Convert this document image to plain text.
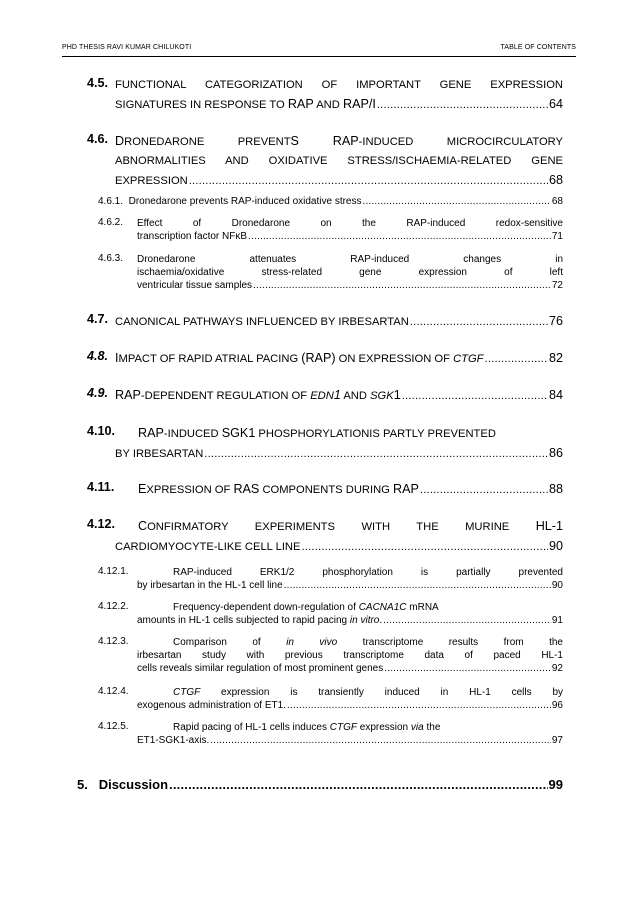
PHD THESIS RAVI KUMAR CHILUKOTI	TABLE OF CONTENTS
4.5. FUNCTIONAL CATEGORIZATION OF IMPORTANT GENE EXPRESSION
SIGNATURES IN RESPONSE TO RAP AND RAP/I .....	64
4.6. DRONEDARONE PREVENTS RAP-INDUCED MICROCIRCULATORY
ABNORMALITIES AND OXIDATIVE STRESS/ISCHAEMIA-RELATED GENE
EXPRESSION .....	68
4.6.1. Dronedarone prevents RAP-induced oxidative stress .....	68
4.6.2. Effect of Dronedarone on the RAP-induced redox-sensitive
transcription factor NFκB .....	71
4.6.3. Dronedarone attenuates RAP-induced changes in
ischaemia/oxidative stress-related gene expression of left
ventricular tissue samples .....	72
4.7. CANONICAL PATHWAYS INFLUENCED BY IRBESARTAN .....	76
4.8. IMPACT OF RAPID ATRIAL PACING (RAP) ON EXPRESSION OF CTGF .....	82
4.9. RAP-DEPENDENT REGULATION OF EDN1 AND SGK1 .....	84
4.10. RAP-INDUCED SGK1 PHOSPHORYLATIONIS PARTLY PREVENTED
BY IRBESARTAN .....	86
4.11. EXPRESSION OF RAS COMPONENTS DURING RAP .....	88
4.12. CONFIRMATORY EXPERIMENTS WITH THE MURINE HL-1
CARDIOMYOCYTE-LIKE CELL LINE .....	90
4.12.1.	RAP-induced ERK1/2 phosphorylation is partially prevented
by irbesartan in the HL-1 cell line .....	90
4.12.2.	Frequency-dependent down-regulation of CACNA1C mRNA
amounts in HL-1 cells subjected to rapid pacing in vitro. .....	91
4.12.3.	Comparison of in vivo transcriptome results from the
irbesartan study with previous transcriptome data of paced HL-1
cells reveals similar regulation of most prominent genes .....	92
4.12.4.	CTGF expression is transiently induced in HL-1 cells by
exogenous administration of ET1. .....	96
4.12.5.	Rapid pacing of HL-1 cells induces CTGF expression via the
ET1-SGK1-axis. .....	97
5. Discussion .....	99
